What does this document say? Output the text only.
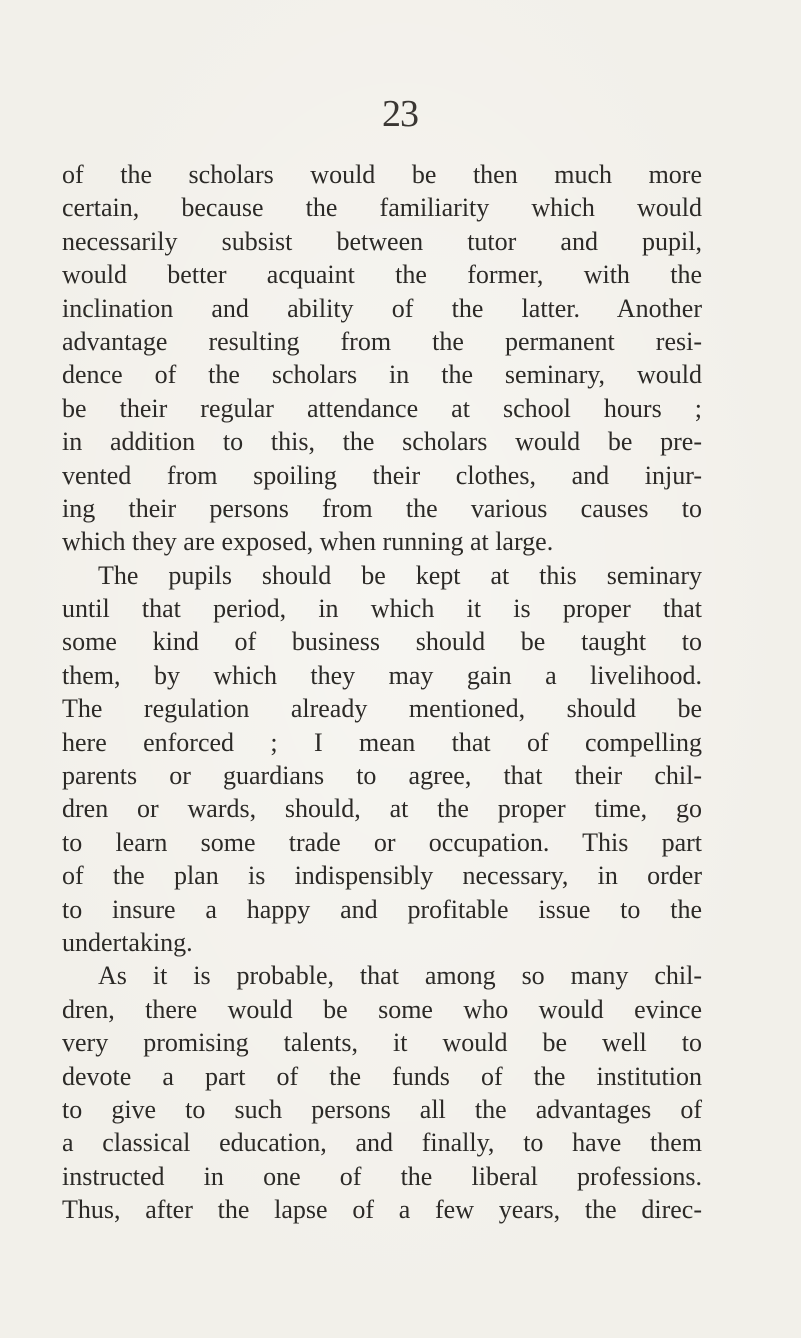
23
of the scholars would be then much more
certain, because the familiarity which would
necessarily subsist between tutor and pupil,
would better acquaint the former, with the
inclination and ability of the latter. Another
advantage resulting from the permanent resi-
dence of the scholars in the seminary, would
be their regular attendance at school hours ;
in addition to this, the scholars would be pre-
vented from spoiling their clothes, and injur-
ing their persons from the various causes to
which they are exposed, when running at large.
The pupils should be kept at this seminary
until that period, in which it is proper that
some kind of business should be taught to
them, by which they may gain a livelihood.
The regulation already mentioned, should be
here enforced ; I mean that of compelling
parents or guardians to agree, that their chil-
dren or wards, should, at the proper time, go
to learn some trade or occupation. This part
of the plan is indispensibly necessary, in order
to insure a happy and profitable issue to the
undertaking.
As it is probable, that among so many chil-
dren, there would be some who would evince
very promising talents, it would be well to
devote a part of the funds of the institution
to give to such persons all the advantages of
a classical education, and finally, to have them
instructed in one of the liberal professions.
Thus, after the lapse of a few years, the direc-
